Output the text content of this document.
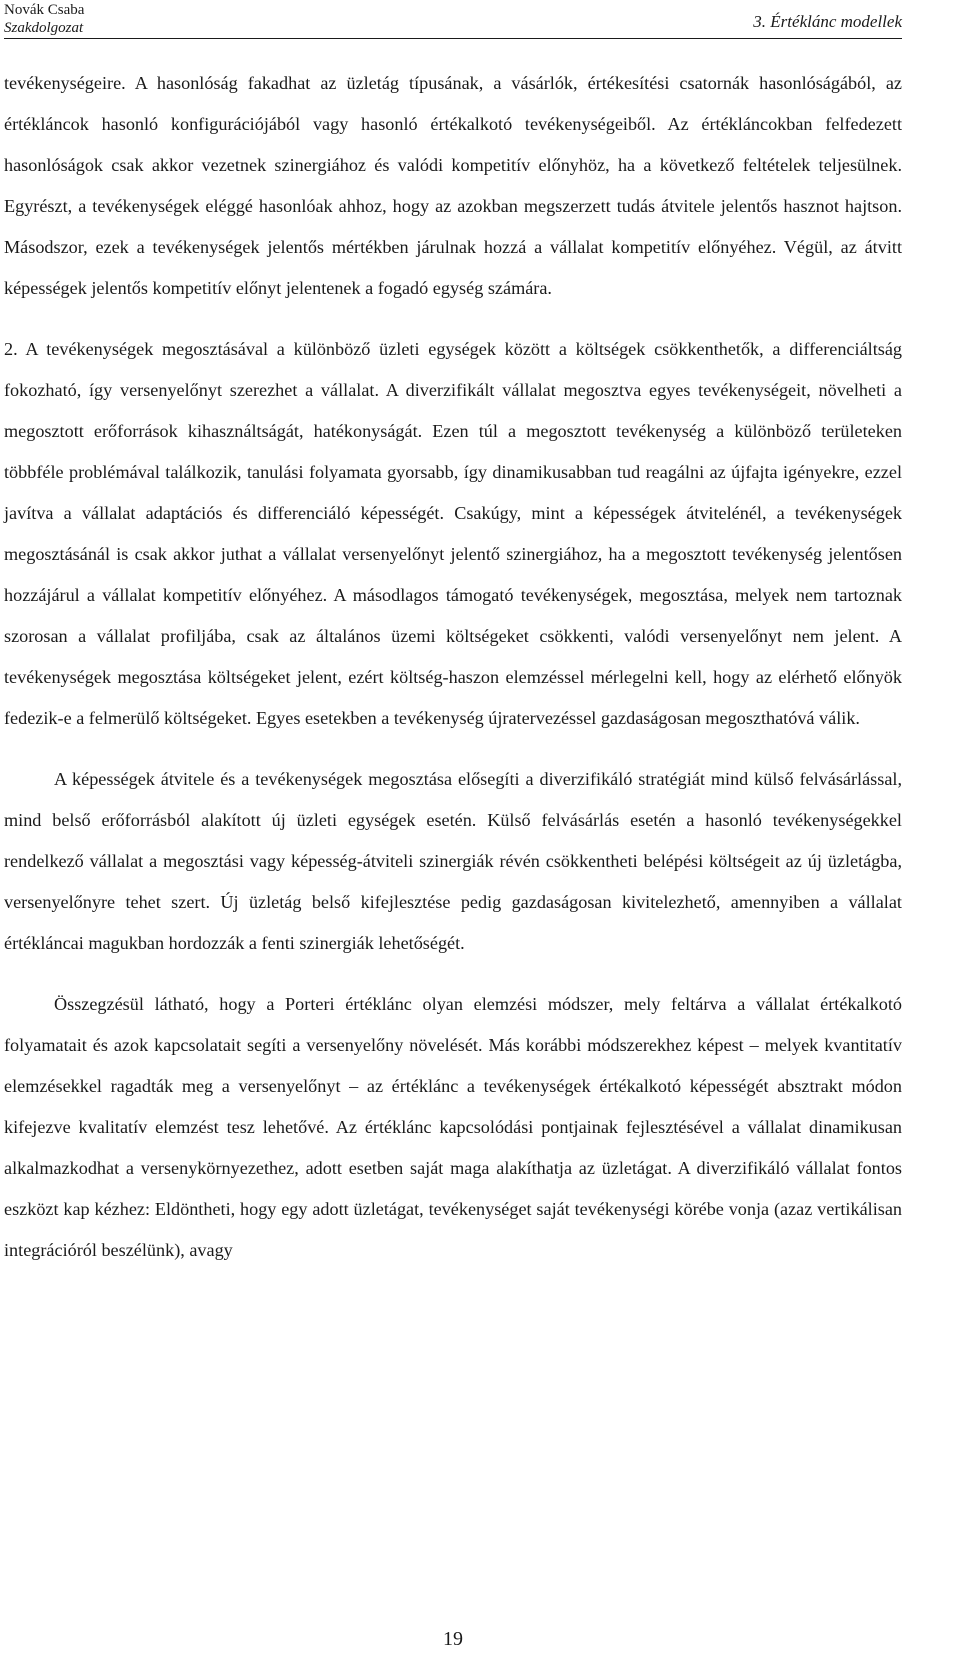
Novák Csaba
Szakdolgozat	3. Értéklánc modellek

tevékenységeire. A hasonlóság fakadhat az üzletág típusának, a vásárlók, értékesítési csatornák hasonlóságából, az értékláncok hasonló konfigurációjából vagy hasonló értékalkotó tevékenységeiből. Az értékláncokban felfedezett hasonlóságok csak akkor vezetnek szinergiához és valódi kompetitív előnyhöz, ha a következő feltételek teljesülnek. Egyrészt, a tevékenységek eléggé hasonlóak ahhoz, hogy az azokban megszerzett tudás átvitele jelentős hasznot hajtson. Másodszor, ezek a tevékenységek jelentős mértékben járulnak hozzá a vállalat kompetitív előnyéhez. Végül, az átvitt képességek jelentős kompetitív előnyt jelentenek a fogadó egység számára.

2. A tevékenységek megosztásával a különböző üzleti egységek között a költségek csökkenthetők, a differenciáltság fokozható, így versenyelőnyt szerezhet a vállalat. A diverzifikált vállalat megosztva egyes tevékenységeit, növelheti a megosztott erőforrások kihasználtságát, hatékonyságát. Ezen túl a megosztott tevékenység a különböző területeken többféle problémával találkozik, tanulási folyamata gyorsabb, így dinamikusabban tud reagálni az újfajta igényekre, ezzel javítva a vállalat adaptációs és differenciáló képességét. Csakúgy, mint a képességek átvitelénél, a tevékenységek megosztásánál is csak akkor juthat a vállalat versenyelőnyt jelentő szinergiához, ha a megosztott tevékenység jelentősen hozzájárul a vállalat kompetitív előnyéhez. A másodlagos támogató tevékenységek, megosztása, melyek nem tartoznak szorosan a vállalat profiljába, csak az általános üzemi költségeket csökkenti, valódi versenyelőnyt nem jelent. A tevékenységek megosztása költségeket jelent, ezért költség-haszon elemzéssel mérlegelni kell, hogy az elérhető előnyök fedezik-e a felmerülő költségeket. Egyes esetekben a tevékenység újratervezéssel gazdaságosan megoszthatóvá válik.

A képességek átvitele és a tevékenységek megosztása elősegíti a diverzifikáló stratégiát mind külső felvásárlással, mind belső erőforrásból alakított új üzleti egységek esetén. Külső felvásárlás esetén a hasonló tevékenységekkel rendelkező vállalat a megosztási vagy képesség-átviteli szinergiák révén csökkentheti belépési költségeit az új üzletágba, versenyelőnyre tehet szert. Új üzletág belső kifejlesztése pedig gazdaságosan kivitelezhető, amennyiben a vállalat értékláncai magukban hordozzák a fenti szinergiák lehetőségét.

Összegzésül látható, hogy a Porteri értéklánc olyan elemzési módszer, mely feltárva a vállalat értékalkotó folyamatait és azok kapcsolatait segíti a versenyelőny növelését. Más korábbi módszerekhez képest – melyek kvantitatív elemzésekkel ragadták meg a versenyelőnyt – az értéklánc a tevékenységek értékalkotó képességét absztrakt módon kifejezve kvalitatív elemzést tesz lehetővé. Az értéklánc kapcsolódási pontjainak fejlesztésével a vállalat dinamikusan alkalmazkodhat a versenykörnyezethez, adott esetben saját maga alakíthatja az üzletágat. A diverzifikáló vállalat fontos eszközt kap kézhez: Eldöntheti, hogy egy adott üzletágat, tevékenységet saját tevékenységi körébe vonja (azaz vertikálisan integrációról beszélünk), avagy

19
